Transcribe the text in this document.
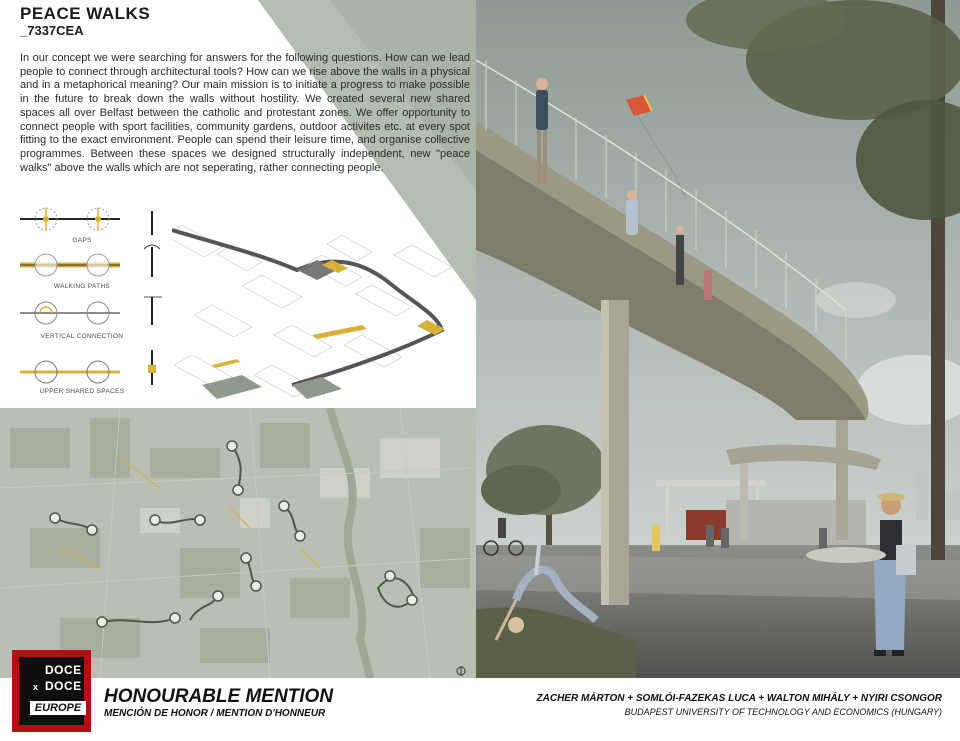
PEACE WALKS
_7337CEA

In our concept we were searching for answers for the following questions. How can we lead people to connect through architectural tools? How can we rise above the walls in a physical and in a metaphorical meaning? Our main mission is to initiate a progress to make possible in the future to break down the walls without hostility. We created several new shared spaces all over Belfast between the catholic and protestant zones. We offer opportunity to connect people with sport facilities, community gardens, outdoor activites etc. at every spot fitting to the exact environment. People can spend their leisure time, and organise collective programmes. Between these spaces we designed structurally independent, new "peace walks" above the walls which are not seperating, rather connecting people.

GAPS
WALKING PATHS
VERTICAL CONNECTION
UPPER SHARED SPACES
DOCE
x DOCE
EUROPE
HONOURABLE MENTION
MENCIÓN DE HONOR / MENTION D'HONNEUR
ZACHER MÁRTON + SOMLÓI-FAZEKAS LUCA + WALTON MIHÁLY + NYIRI CSONGOR
BUDAPEST UNIVERSITY OF TECHNOLOGY AND ECONOMICS (HUNGARY)
